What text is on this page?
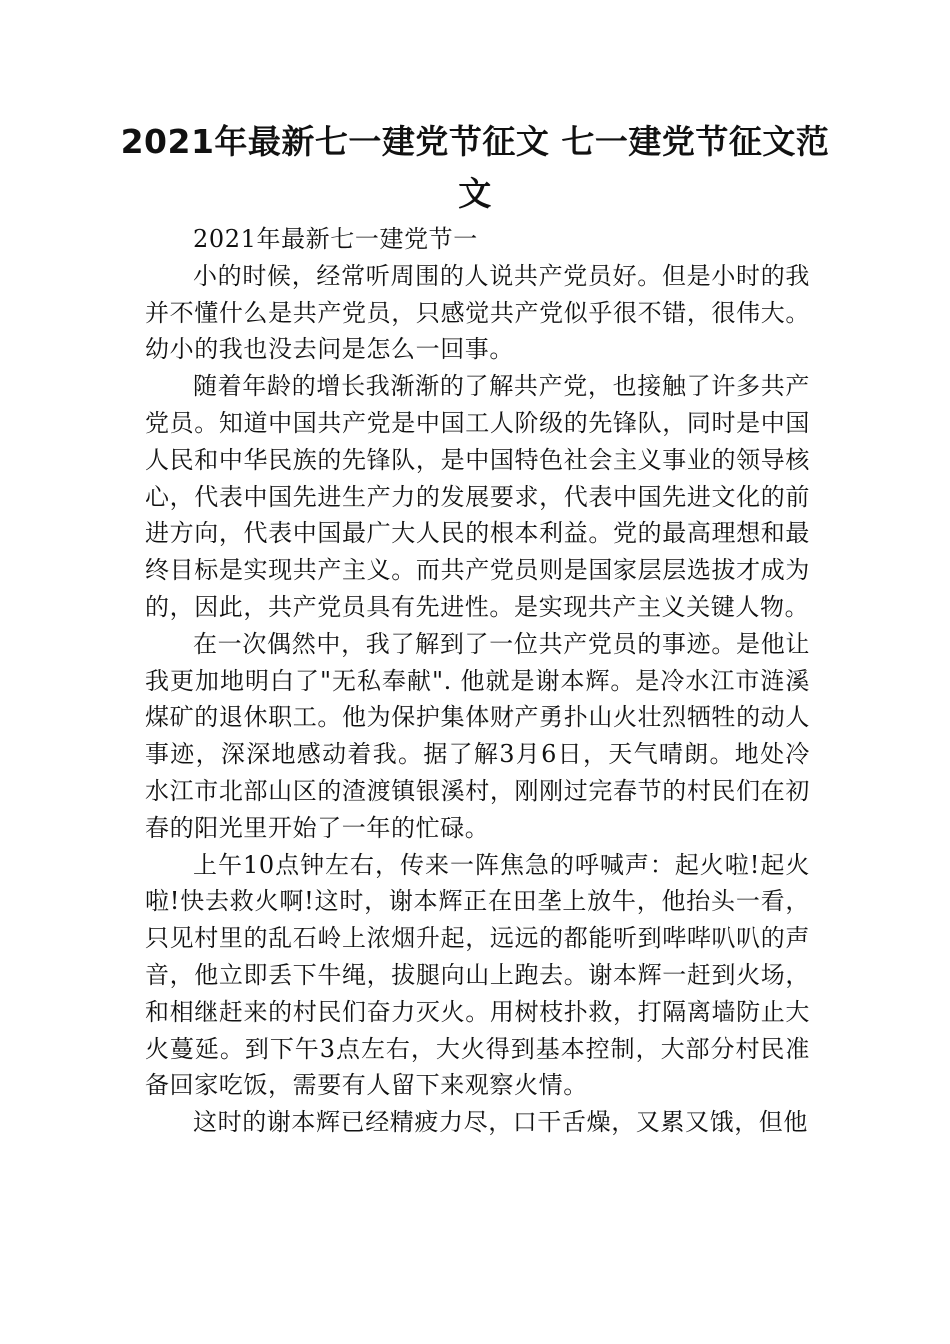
2021年最新七一建党节征文 七一建党节征文范文

2021年最新七一建党节一

小的时候，经常听周围的人说共产党员好。但是小时的我并不懂什么是共产党员，只感觉共产党似乎很不错，很伟大。幼小的我也没去问是怎么一回事。

随着年龄的增长我渐渐的了解共产党，也接触了许多共产党员。知道中国共产党是中国工人阶级的先锋队，同时是中国人民和中华民族的先锋队，是中国特色社会主义事业的领导核心，代表中国先进生产力的发展要求，代表中国先进文化的前进方向，代表中国最广大人民的根本利益。党的最高理想和最终目标是实现共产主义。而共产党员则是国家层层选拔才成为的，因此，共产党员具有先进性。是实现共产主义关键人物。

在一次偶然中，我了解到了一位共产党员的事迹。是他让我更加地明白了"无私奉献". 他就是谢本辉。是冷水江市涟溪煤矿的退休职工。他为保护集体财产勇扑山火壮烈牺牲的动人事迹，深深地感动着我。据了解3月6日，天气晴朗。地处冷水江市北部山区的渣渡镇银溪村，刚刚过完春节的村民们在初春的阳光里开始了一年的忙碌。

上午10点钟左右，传来一阵焦急的呼喊声：起火啦!起火啦!快去救火啊!这时，谢本辉正在田垄上放牛，他抬头一看，只见村里的乱石岭上浓烟升起，远远的都能听到哔哔叭叭的声音，他立即丢下牛绳，拔腿向山上跑去。谢本辉一赶到火场，和相继赶来的村民们奋力灭火。用树枝扑救，打隔离墙防止大火蔓延。到下午3点左右，大火得到基本控制，大部分村民准备回家吃饭，需要有人留下来观察火情。

这时的谢本辉已经精疲力尽，口干舌燥，又累又饿，但他
